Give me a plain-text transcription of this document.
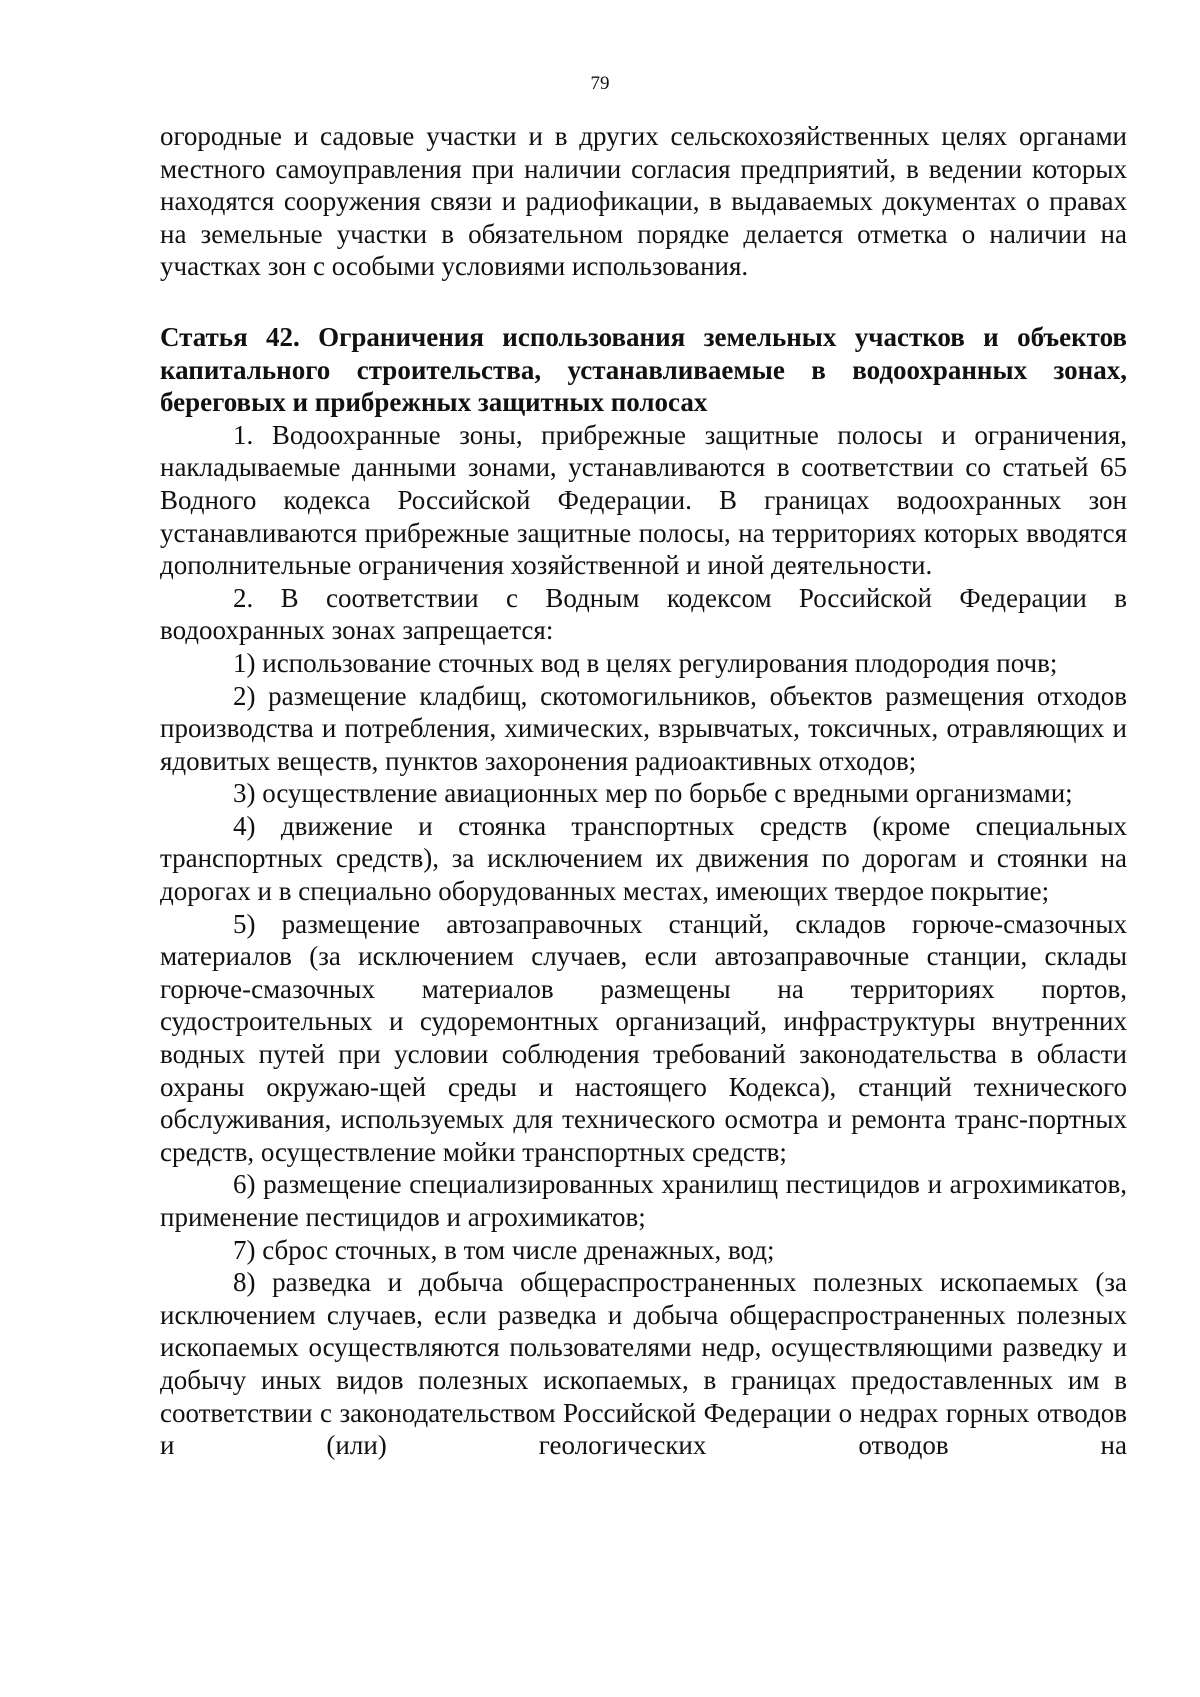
79

огородные и садовые участки и в других сельскохозяйственных целях органами местного самоуправления при наличии согласия предприятий, в ведении которых находятся сооружения связи и радиофикации, в выдаваемых документах о правах на земельные участки в обязательном порядке делается отметка о наличии на участках зон с особыми условиями использования.

Статья 42. Ограничения использования земельных участков и объектов капитального строительства, устанавливаемые в водоохранных зонах, береговых и прибрежных защитных полосах

1. Водоохранные зоны, прибрежные защитные полосы и ограничения, накладываемые данными зонами, устанавливаются в соответствии со статьей 65 Водного кодекса Российской Федерации. В границах водоохранных зон устанавливаются прибрежные защитные полосы, на территориях которых вводятся дополнительные ограничения хозяйственной и иной деятельности.

2. В соответствии с Водным кодексом Российской Федерации в водоохранных зонах запрещается:

1) использование сточных вод в целях регулирования плодородия почв;

2) размещение кладбищ, скотомогильников, объектов размещения отходов производства и потребления, химических, взрывчатых, токсичных, отравляющих и ядовитых веществ, пунктов захоронения радиоактивных отходов;

3) осуществление авиационных мер по борьбе с вредными организмами;

4) движение и стоянка транспортных средств (кроме специальных транспортных средств), за исключением их движения по дорогам и стоянки на дорогах и в специально оборудованных местах, имеющих твердое покрытие;

5) размещение автозаправочных станций, складов горюче-смазочных материалов (за исключением случаев, если автозаправочные станции, склады горюче-смазочных материалов размещены на территориях портов, судостроительных и судоремонтных организаций, инфраструктуры внутренних водных путей при условии соблюдения требований законодательства в области охраны окружаю-щей среды и настоящего Кодекса), станций технического обслуживания, используемых для технического осмотра и ремонта транс-портных средств, осуществление мойки транспортных средств;

6) размещение специализированных хранилищ пестицидов и агрохимикатов, применение пестицидов и агрохимикатов;

7) сброс сточных, в том числе дренажных, вод;

8) разведка и добыча общераспространенных полезных ископаемых (за исключением случаев, если разведка и добыча общераспространенных полезных ископаемых осуществляются пользователями недр, осуществляющими разведку и добычу иных видов полезных ископаемых, в границах предоставленных им в соответствии с законодательством Российской Федерации о недрах горных отводов и (или) геологических отводов на
